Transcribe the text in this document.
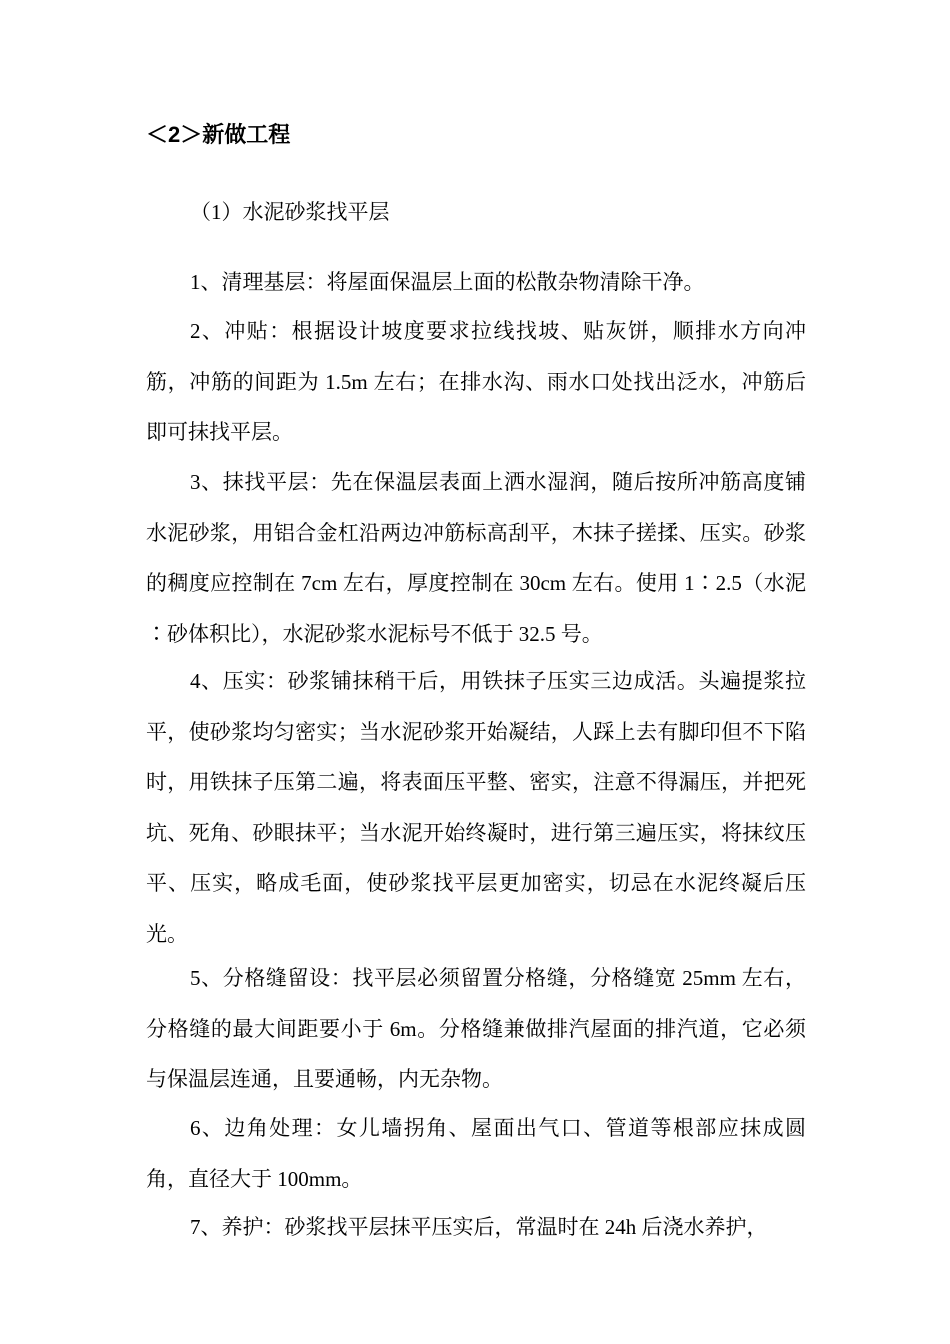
＜2＞新做工程
（1）水泥砂浆找平层

1、清理基层：将屋面保温层上面的松散杂物清除干净。

2、冲贴：根据设计坡度要求拉线找坡、贴灰饼，顺排水方向冲筋，冲筋的间距为 1.5m 左右；在排水沟、雨水口处找出泛水，冲筋后即可抹找平层。

3、抹找平层：先在保温层表面上洒水湿润，随后按所冲筋高度铺水泥砂浆，用铝合金杠沿两边冲筋标高刮平，木抹子搓揉、压实。砂浆的稠度应控制在 7cm 左右，厚度控制在 30cm 左右。使用 1∶2.5（水泥∶砂体积比），水泥砂浆水泥标号不低于 32.5 号。

4、压实：砂浆铺抹稍干后，用铁抹子压实三边成活。头遍提浆拉平，使砂浆均匀密实；当水泥砂浆开始凝结，人踩上去有脚印但不下陷时，用铁抹子压第二遍，将表面压平整、密实，注意不得漏压，并把死坑、死角、砂眼抹平；当水泥开始终凝时，进行第三遍压实，将抹纹压平、压实，略成毛面，使砂浆找平层更加密实，切忌在水泥终凝后压光。

5、分格缝留设：找平层必须留置分格缝，分格缝宽 25mm 左右，分格缝的最大间距要小于 6m。分格缝兼做排汽屋面的排汽道，它必须与保温层连通，且要通畅，内无杂物。

6、边角处理：女儿墙拐角、屋面出气口、管道等根部应抹成圆角，直径大于 100mm。

7、养护：砂浆找平层抹平压实后，常温时在 24h 后浇水养护，
